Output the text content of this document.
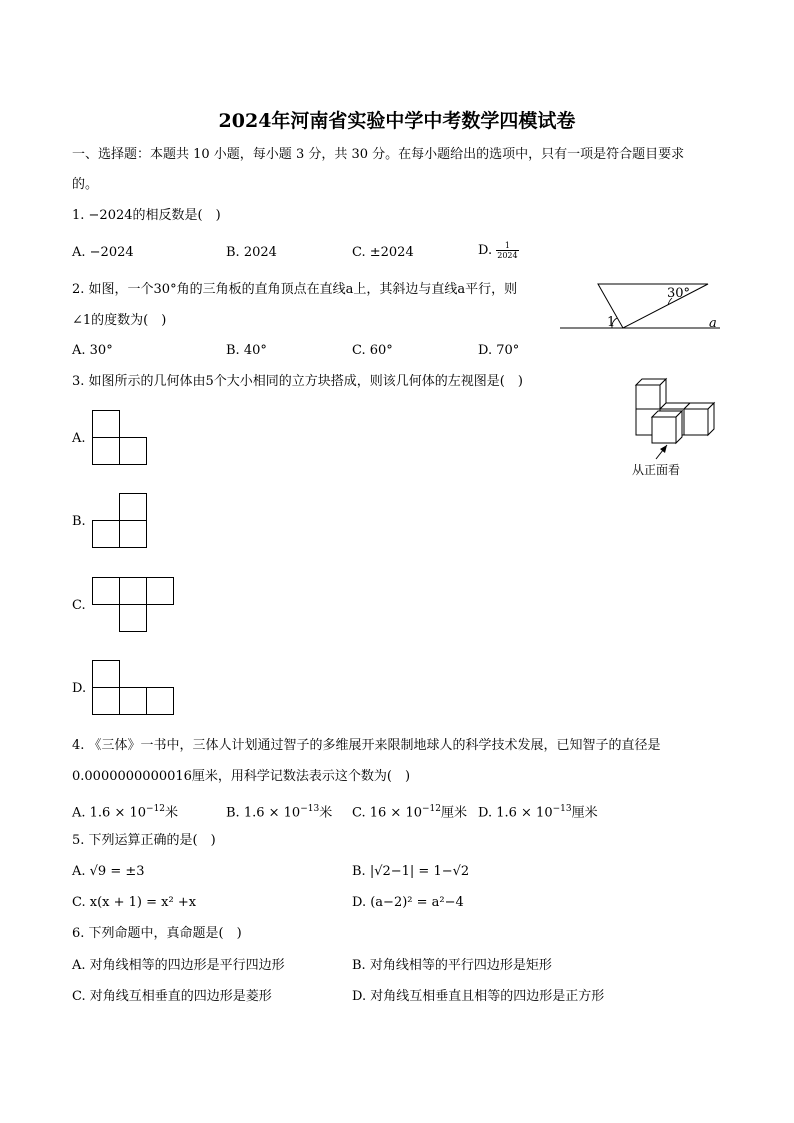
2024年河南省实验中学中考数学四模试卷
一、选择题：本题共 10 小题，每小题 3 分，共 30 分。在每小题给出的选项中，只有一项是符合题目要求
的。
1. −2024的相反数是(　)
A. −2024	B. 2024	C. ±2024	D. $\frac{1}{2024}$
2. 如图，一个30°角的三角板的直角顶点在直线a上，其斜边与直线a平行，则
∠1的度数为(　)
A. 30°	B. 40°	C. 60°	D. 70°
30°
1	a
3. 如图所示的几何体由5个大小相同的立方块搭成，则该几何体的左视图是(　)
从正面看
A.
B.
C.
D.
4. 《三体》一书中，三体人计划通过智子的多维展开来限制地球人的科学技术发展，已知智子的直径是
0.0000000000016厘米，用科学记数法表示这个数为(　)
A. $1.6 \times 10^{-12}$米	B. $1.6 \times 10^{-13}$米 C. $16 \times 10^{-12}$厘米 D. $1.6 \times 10^{-13}$厘米
5. 下列运算正确的是(　)
A. √9 = ±3	B. |√2−1| = 1−√2
C. x(x + 1) = x² +x	D. (a−2)² = a²−4
6. 下列命题中，真命题是(　)
A. 对角线相等的四边形是平行四边形	B. 对角线相等的平行四边形是矩形
C. 对角线互相垂直的四边形是菱形	D. 对角线互相垂直且相等的四边形是正方形
